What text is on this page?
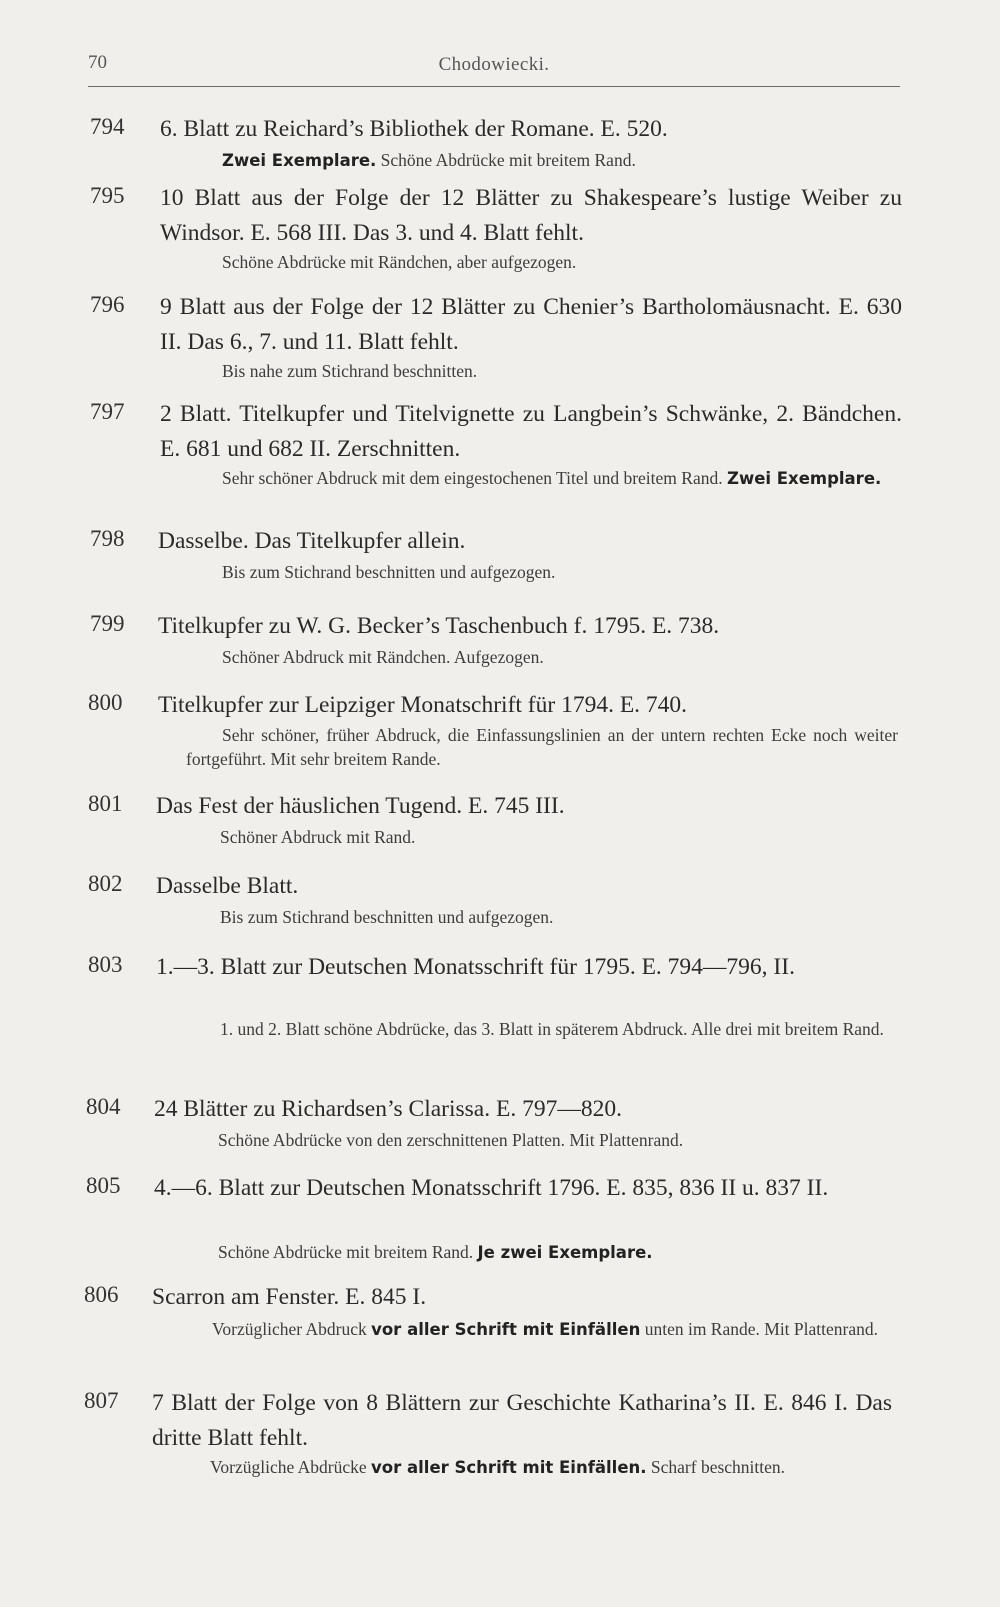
70	Chodowiecki.
794 6. Blatt zu Reichard’s Bibliothek der Romane. E. 520.
Zwei Exemplare. Schöne Abdrücke mit breitem Rand.
795 10 Blatt aus der Folge der 12 Blätter zu Shakespeare’s lustige Weiber zu Windsor. E. 568 III. Das 3. und 4. Blatt fehlt.
Schöne Abdrücke mit Rändchen, aber aufgezogen.
796 9 Blatt aus der Folge der 12 Blätter zu Chenier’s Bartholomäusnacht. E. 630 II. Das 6., 7. und 11. Blatt fehlt.
Bis nahe zum Stichrand beschnitten.
797 2 Blatt. Titelkupfer und Titelvignette zu Langbein’s Schwänke, 2. Bändchen. E. 681 und 682 II. Zerschnitten.
Sehr schöner Abdruck mit dem eingestochenen Titel und breitem Rand. Zwei Exemplare.
798 Dasselbe. Das Titelkupfer allein.
Bis zum Stichrand beschnitten und aufgezogen.
799 Titelkupfer zu W. G. Becker’s Taschenbuch f. 1795. E. 738.
Schöner Abdruck mit Rändchen. Aufgezogen.
800 Titelkupfer zur Leipziger Monatschrift für 1794. E. 740.
Sehr schöner, früher Abdruck, die Einfassungslinien an der untern rechten Ecke noch weiter fortgeführt. Mit sehr breitem Rande.
801 Das Fest der häuslichen Tugend. E. 745 III.
Schöner Abdruck mit Rand.
802 Dasselbe Blatt.
Bis zum Stichrand beschnitten und aufgezogen.
803 1.—3. Blatt zur Deutschen Monatsschrift für 1795. E. 794—796, II.
1. und 2. Blatt schöne Abdrücke, das 3. Blatt in späterem Abdruck. Alle drei mit breitem Rand.
804 24 Blätter zu Richardsen’s Clarissa. E. 797—820.
Schöne Abdrücke von den zerschnittenen Platten. Mit Plattenrand.
805 4.—6. Blatt zur Deutschen Monatsschrift 1796. E. 835, 836 II u. 837 II.
Schöne Abdrücke mit breitem Rand. Je zwei Exemplare.
806 Scarron am Fenster. E. 845 I.
Vorzüglicher Abdruck vor aller Schrift mit Einfällen unten im Rande. Mit Plattenrand.
807 7 Blatt der Folge von 8 Blättern zur Geschichte Katharina’s II. E. 846 I. Das dritte Blatt fehlt.
Vorzügliche Abdrücke vor aller Schrift mit Einfällen. Scharf beschnitten.
